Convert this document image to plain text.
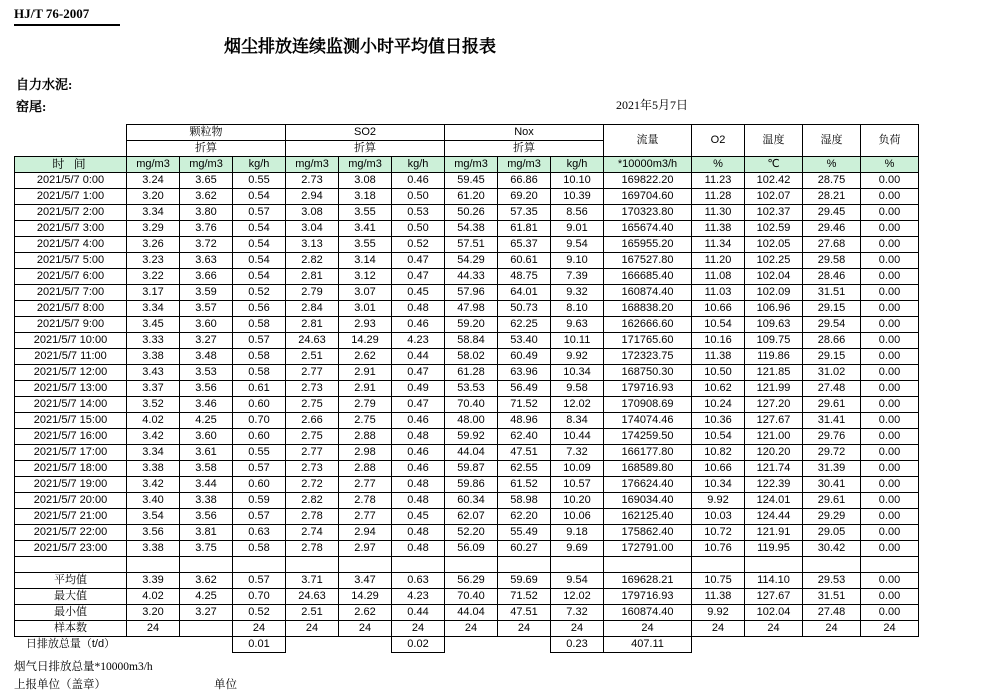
HJ/T 76-2007
烟尘排放连续监测小时平均值日报表
自力水泥:
窑尾:	2021年5月7日
	颗粒物			SO2			Nox			流量	O2	温度	湿度	负荷
		折算			折算			折算						
时 间	mg/m3	mg/m3	kg/h	mg/m3	mg/m3	kg/h	mg/m3	mg/m3	kg/h	*10000m3/h	%	℃	%	%
2021/5/7 0:00	3.24	3.65	0.55	2.73	3.08	0.46	59.45	66.86	10.10	169822.20	11.23	102.42	28.75	0.00
2021/5/7 1:00	3.20	3.62	0.54	2.94	3.18	0.50	61.20	69.20	10.39	169704.60	11.28	102.07	28.21	0.00
2021/5/7 2:00	3.34	3.80	0.57	3.08	3.55	0.53	50.26	57.35	8.56	170323.80	11.30	102.37	29.45	0.00
2021/5/7 3:00	3.29	3.76	0.54	3.04	3.41	0.50	54.38	61.81	9.01	165674.40	11.38	102.59	29.46	0.00
2021/5/7 4:00	3.26	3.72	0.54	3.13	3.55	0.52	57.51	65.37	9.54	165955.20	11.34	102.05	27.68	0.00
2021/5/7 5:00	3.23	3.63	0.54	2.82	3.14	0.47	54.29	60.61	9.10	167527.80	11.20	102.25	29.58	0.00
2021/5/7 6:00	3.22	3.66	0.54	2.81	3.12	0.47	44.33	48.75	7.39	166685.40	11.08	102.04	28.46	0.00
2021/5/7 7:00	3.17	3.59	0.52	2.79	3.07	0.45	57.96	64.01	9.32	160874.40	11.03	102.09	31.51	0.00
2021/5/7 8:00	3.34	3.57	0.56	2.84	3.01	0.48	47.98	50.73	8.10	168838.20	10.66	106.96	29.15	0.00
2021/5/7 9:00	3.45	3.60	0.58	2.81	2.93	0.46	59.20	62.25	9.63	162666.60	10.54	109.63	29.54	0.00
2021/5/7 10:00	3.33	3.27	0.57	24.63	14.29	4.23	58.84	53.40	10.11	171765.60	10.16	109.75	28.66	0.00
2021/5/7 11:00	3.38	3.48	0.58	2.51	2.62	0.44	58.02	60.49	9.92	172323.75	11.38	119.86	29.15	0.00
2021/5/7 12:00	3.43	3.53	0.58	2.77	2.91	0.47	61.28	63.96	10.34	168750.30	10.50	121.85	31.02	0.00
2021/5/7 13:00	3.37	3.56	0.61	2.73	2.91	0.49	53.53	56.49	9.58	179716.93	10.62	121.99	27.48	0.00
2021/5/7 14:00	3.52	3.46	0.60	2.75	2.79	0.47	70.40	71.52	12.02	170908.69	10.24	127.20	29.61	0.00
2021/5/7 15:00	4.02	4.25	0.70	2.66	2.75	0.46	48.00	48.96	8.34	174074.46	10.36	127.67	31.41	0.00
2021/5/7 16:00	3.42	3.60	0.60	2.75	2.88	0.48	59.92	62.40	10.44	174259.50	10.54	121.00	29.76	0.00
2021/5/7 17:00	3.34	3.61	0.55	2.77	2.98	0.46	44.04	47.51	7.32	166177.80	10.82	120.20	29.72	0.00
2021/5/7 18:00	3.38	3.58	0.57	2.73	2.88	0.46	59.87	62.55	10.09	168589.80	10.66	121.74	31.39	0.00
2021/5/7 19:00	3.42	3.44	0.60	2.72	2.77	0.48	59.86	61.52	10.57	176624.40	10.34	122.39	30.41	0.00
2021/5/7 20:00	3.40	3.38	0.59	2.82	2.78	0.48	60.34	58.98	10.20	169034.40	9.92	124.01	29.61	0.00
2021/5/7 21:00	3.54	3.56	0.57	2.78	2.77	0.45	62.07	62.20	10.06	162125.40	10.03	124.44	29.29	0.00
2021/5/7 22:00	3.56	3.81	0.63	2.74	2.94	0.48	52.20	55.49	9.18	175862.40	10.72	121.91	29.05	0.00
2021/5/7 23:00	3.38	3.75	0.58	2.78	2.97	0.48	56.09	60.27	9.69	172791.00	10.76	119.95	30.42	0.00

平均值	3.39	3.62	0.57	3.71	3.47	0.63	56.29	59.69	9.54	169628.21	10.75	114.10	29.53	0.00
最大值	4.02	4.25	0.70	24.63	14.29	4.23	70.40	71.52	12.02	179716.93	11.38	127.67	31.51	0.00
最小值	3.20	3.27	0.52	2.51	2.62	0.44	44.04	47.51	7.32	160874.40	9.92	102.04	27.48	0.00
样本数	24		24	24	24	24	24	24	24	24	24	24	24	24
日排放总量（t/d）			0.01			0.02			0.23	407.11				
烟气日排放总量*10000m3/h
上报单位（盖章）	单位
